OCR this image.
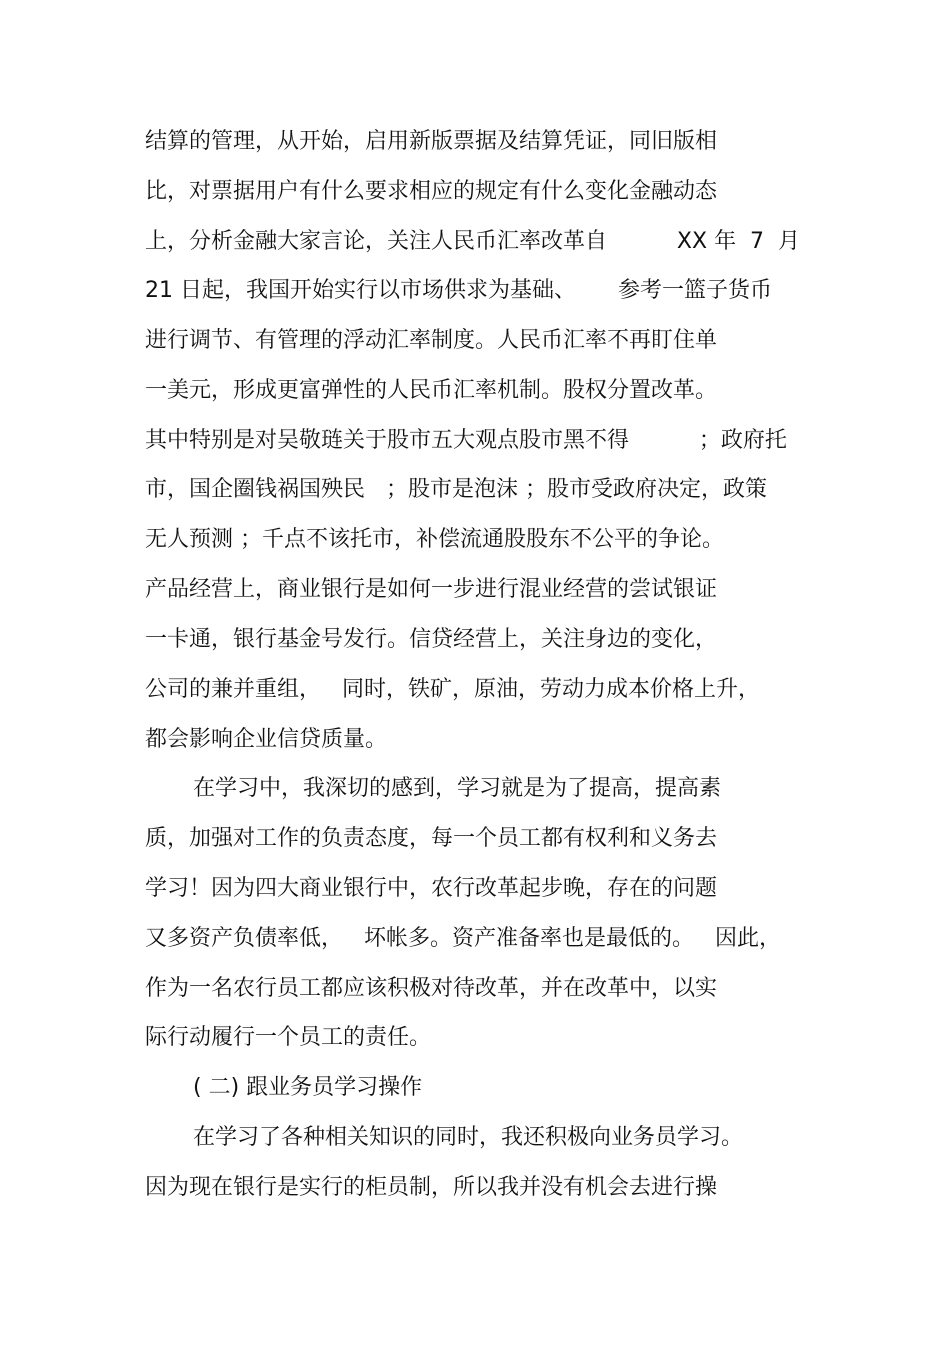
结算的管理，从开始，启用新版票据及结算凭证，同旧版相
比，对票据用户有什么要求相应的规定有什么变化金融动态
上，分析金融大家言论，关注人民币汇率改革自          XX 年  7  月
21 日起，我国开始实行以市场供求为基础、      参考一篮子货币
进行调节、有管理的浮动汇率制度。人民币汇率不再盯住单
一美元，形成更富弹性的人民币汇率机制。股权分置改革。
其中特别是对吴敬琏关于股市五大观点股市黑不得          ；政府托
市，国企圈钱祸国殃民   ；股市是泡沫 ；股市受政府决定，政策
无人预测 ；千点不该托市，补偿流通股股东不公平的争论。
产品经营上，商业银行是如何一步进行混业经营的尝试银证
一卡通，银行基金号发行。信贷经营上，关注身边的变化，
公司的兼并重组，   同时，铁矿，原油，劳动力成本价格上升，
都会影响企业信贷质量。
在学习中，我深切的感到，学习就是为了提高，提高素
质，加强对工作的负责态度，每一个员工都有权利和义务去
学习！因为四大商业银行中，农行改革起步晚，存在的问题
又多资产负债率低，   坏帐多。资产准备率也是最低的。   因此，
作为一名农行员工都应该积极对待改革，并在改革中，以实
际行动履行一个员工的责任。
( 二) 跟业务员学习操作
在学习了各种相关知识的同时，我还积极向业务员学习。
因为现在银行是实行的柜员制，所以我并没有机会去进行操
